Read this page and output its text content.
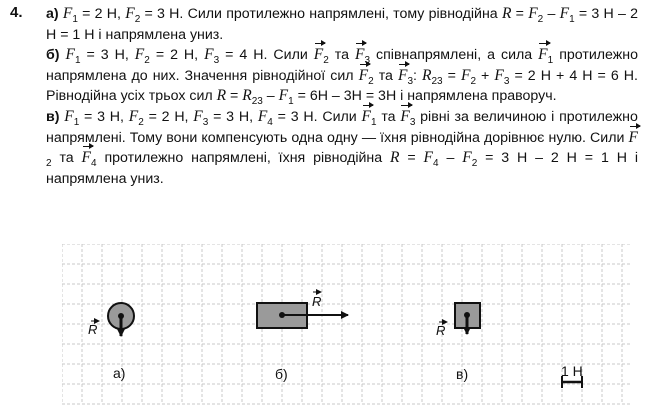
4. а) $F_1 = 2$ Н, $F_2 = 3$ Н. Сили протилежно напрямлені, тому рівнодійна $R = F_2 - F_1 = 3$ Н – 2 Н = 1 Н і напрямлена униз.

б) $F_1 = 3$ Н, $F_2 = 2$ Н, $F_3 = 4$ Н. Сили $F_2$ та $F_3$ співнапрямлені, а сила $F_1$ протилежно напрямлена до них. Значення рівнодійної сил $F_2$ та $F_3$: $R_{23} = F_2 + F_3 = 2$ Н + 4 Н = 6 Н. Рівнодійна усіх трьох сил $R = R_{23} - F_1 = 6Н - 3Н = 3Н$ і напрямлена праворуч.

в) $F_1 = 3$ Н, $F_2 = 2$ Н, $F_3 = 3$ Н, $F_4 = 3$ Н. Сили $F_1$ та $F_3$ рівні за величиною і протилежно напрямлені. Тому вони компенсують одна одну — їхня рівнодійна дорівнює нулю. Сили $F_2$ та $F_4$ протилежно напрямлені, їхня рівнодійна $R = F_4 - F_2 = 3$ Н – 2 Н = 1 Н і напрямлена униз.

R
R
R
а)	б)	в)	1 Н
